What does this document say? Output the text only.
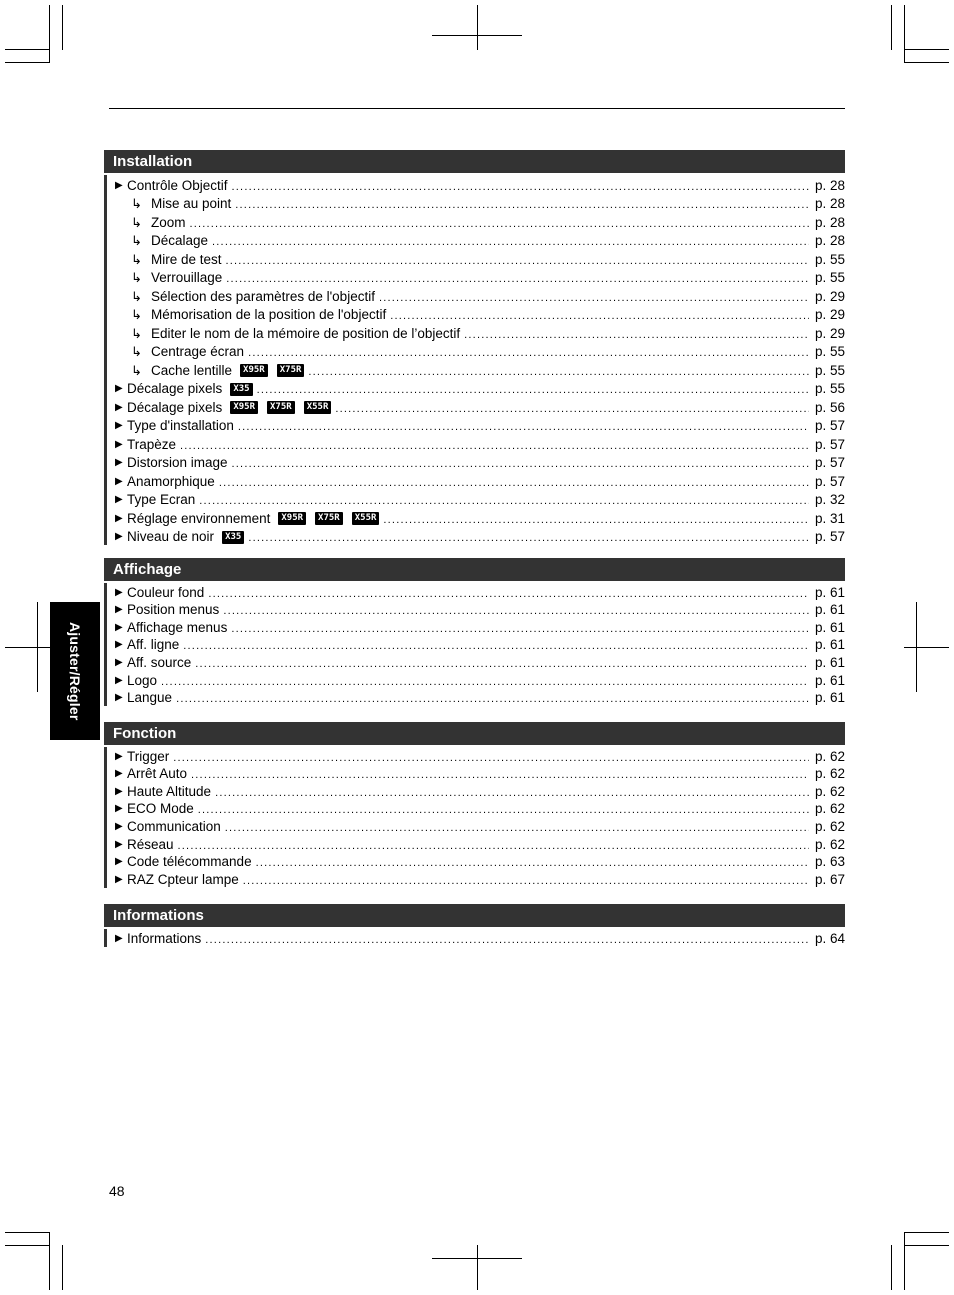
Ajuster/Régler
Installation
▶ Contrôle Objectif .....	p. 28
↳ Mise au point .....	p. 28
↳ Zoom .....	p. 28
↳ Décalage .....	p. 28
↳ Mire de test .....	p. 55
↳ Verrouillage .....	p. 55
↳ Sélection des paramètres de l'objectif .....	p. 29
↳ Mémorisation de la position de l'objectif .....	p. 29
↳ Editer le nom de la mémoire de position de l’objectif .....	p. 29
↳ Centrage écran .....	p. 55
↳ Cache lentille	X95R	X75R .....	p. 55
▶ Décalage pixels	X35 .....	p. 55
▶ Décalage pixels	X95R	X75R	X55R .....	p. 56
▶ Type d'installation .....	p. 57
▶ Trapèze .....	p. 57
▶ Distorsion image .....	p. 57
▶ Anamorphique .....	p. 57
▶ Type Ecran .....	p. 32
▶ Réglage environnement	X95R	X75R	X55R .....	p. 31
▶ Niveau de noir	X35 .....	p. 57
Affichage
▶ Couleur fond .....	p. 61
▶ Position menus .....	p. 61
▶ Affichage menus .....	p. 61
▶ Aff. ligne .....	p. 61
▶ Aff. source .....	p. 61
▶ Logo .....	p. 61
▶ Langue .....	p. 61
Fonction
▶ Trigger .....	p. 62
▶ Arrêt Auto .....	p. 62
▶ Haute Altitude .....	p. 62
▶ ECO Mode .....	p. 62
▶ Communication .....	p. 62
▶ Réseau .....	p. 62
▶ Code télécommande .....	p. 63
▶ RAZ Cpteur lampe .....	p. 67
Informations
▶ Informations .....	p. 64
48
